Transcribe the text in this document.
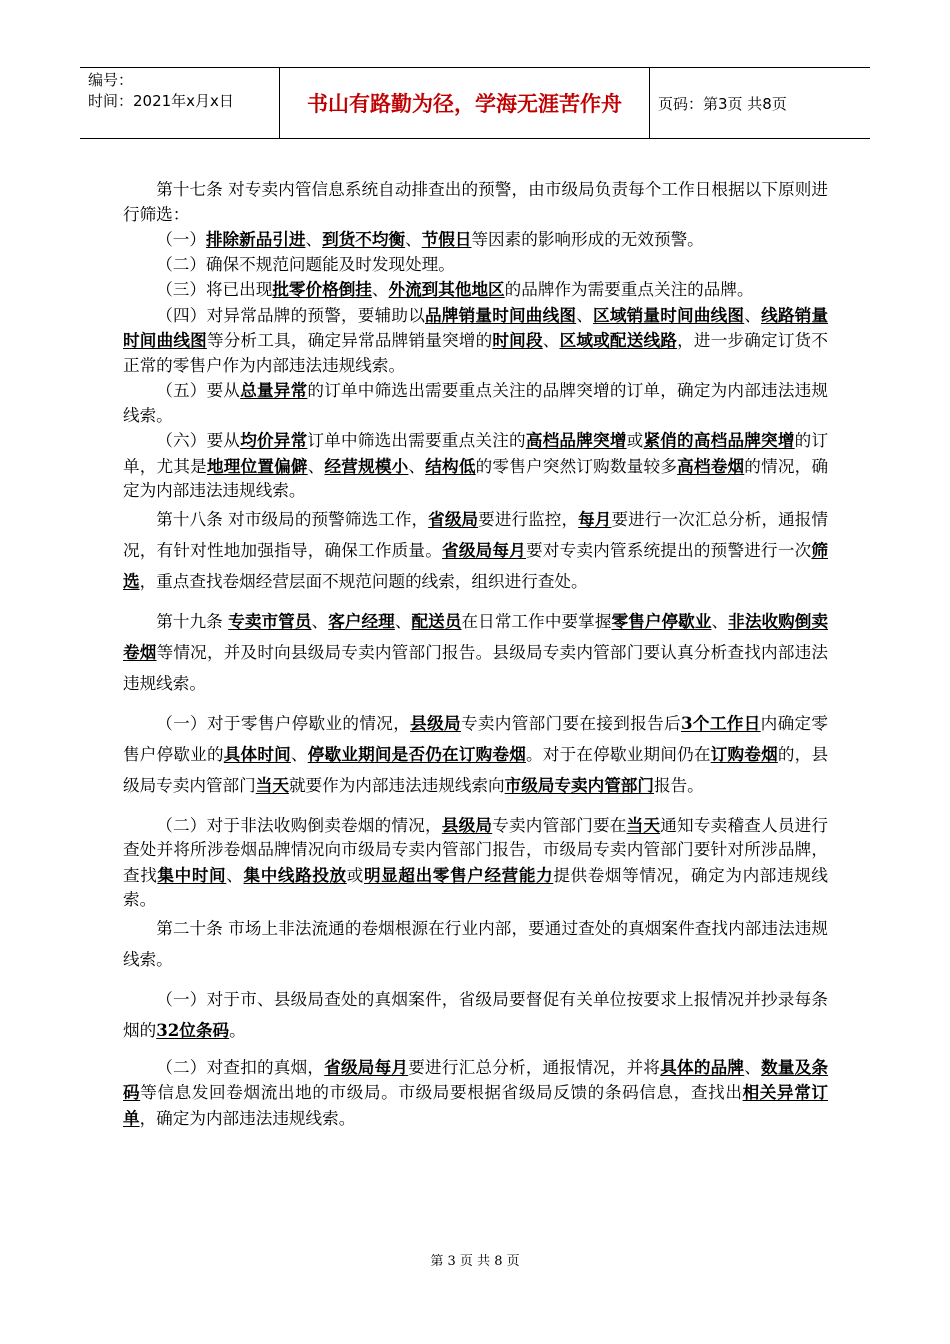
编号：
时间：2021年x月x日	书山有路勤为径，学海无涯苦作舟	页码：第3页 共8页

第十七条 对专卖内管信息系统自动排查出的预警，由市级局负责每个工作日根据以下原则进行筛选：

（一）排除新品引进、到货不均衡、节假日等因素的影响形成的无效预警。

（二）确保不规范问题能及时发现处理。

（三）将已出现批零价格倒挂、外流到其他地区的品牌作为需要重点关注的品牌。

（四）对异常品牌的预警，要辅助以品牌销量时间曲线图、区域销量时间曲线图、线路销量时间曲线图等分析工具，确定异常品牌销量突增的时间段、区域或配送线路，进一步确定订货不正常的零售户作为内部违法违规线索。

（五）要从总量异常的订单中筛选出需要重点关注的品牌突增的订单，确定为内部违法违规线索。

（六）要从均价异常订单中筛选出需要重点关注的高档品牌突增或紧俏的高档品牌突增的订单，尤其是地理位置偏僻、经营规模小、结构低的零售户突然订购数量较多高档卷烟的情况，确定为内部违法违规线索。

第十八条 对市级局的预警筛选工作，省级局要进行监控，每月要进行一次汇总分析，通报情况，有针对性地加强指导，确保工作质量。省级局每月要对专卖内管系统提出的预警进行一次筛选，重点查找卷烟经营层面不规范问题的线索，组织进行查处。

第十九条 专卖市管员、客户经理、配送员在日常工作中要掌握零售户停歇业、非法收购倒卖卷烟等情况，并及时向县级局专卖内管部门报告。县级局专卖内管部门要认真分析查找内部违法违规线索。

（一）对于零售户停歇业的情况，县级局专卖内管部门要在接到报告后3个工作日内确定零售户停歇业的具体时间、停歇业期间是否仍在订购卷烟。对于在停歇业期间仍在订购卷烟的，县级局专卖内管部门当天就要作为内部违法违规线索向市级局专卖内管部门报告。

（二）对于非法收购倒卖卷烟的情况，县级局专卖内管部门要在当天通知专卖稽查人员进行查处并将所涉卷烟品牌情况向市级局专卖内管部门报告，市级局专卖内管部门要针对所涉品牌，查找集中时间、集中线路投放或明显超出零售户经营能力提供卷烟等情况，确定为内部违规线索。

第二十条 市场上非法流通的卷烟根源在行业内部，要通过查处的真烟案件查找内部违法违规线索。

（一）对于市、县级局查处的真烟案件，省级局要督促有关单位按要求上报情况并抄录每条烟的32位条码。

（二）对查扣的真烟，省级局每月要进行汇总分析，通报情况，并将具体的品牌、数量及条码等信息发回卷烟流出地的市级局。市级局要根据省级局反馈的条码信息，查找出相关异常订单，确定为内部违法违规线索。

第 3 页 共 8 页
